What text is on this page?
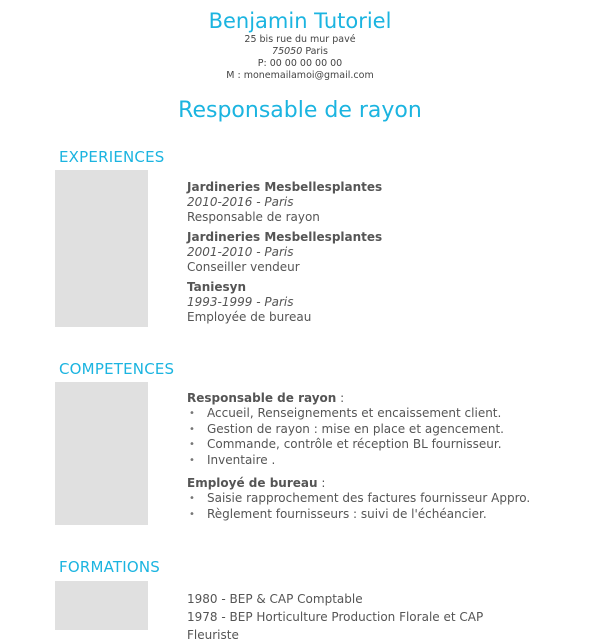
Benjamin Tutoriel
25 bis rue du mur pavé
75050 Paris
P: 00 00 00 00 00
M : monemailamoi@gmail.com
Responsable de rayon
EXPERIENCES
Jardineries Mesbellesplantes
2010-2016 - Paris
Responsable de rayon
Jardineries Mesbellesplantes
2001-2010 - Paris
Conseiller vendeur
Taniesyn
1993-1999 - Paris
Employée de bureau
COMPETENCES
Responsable de rayon :
• Accueil, Renseignements et encaissement client.
• Gestion de rayon : mise en place et agencement.
• Commande, contrôle et réception BL fournisseur.
• Inventaire .
Employé de bureau :
• Saisie rapprochement des factures fournisseur Appro.
• Règlement fournisseurs : suivi de l'échéancier.
FORMATIONS
1980 - BEP & CAP Comptable
1978 - BEP Horticulture Production Florale et CAP Fleuriste
